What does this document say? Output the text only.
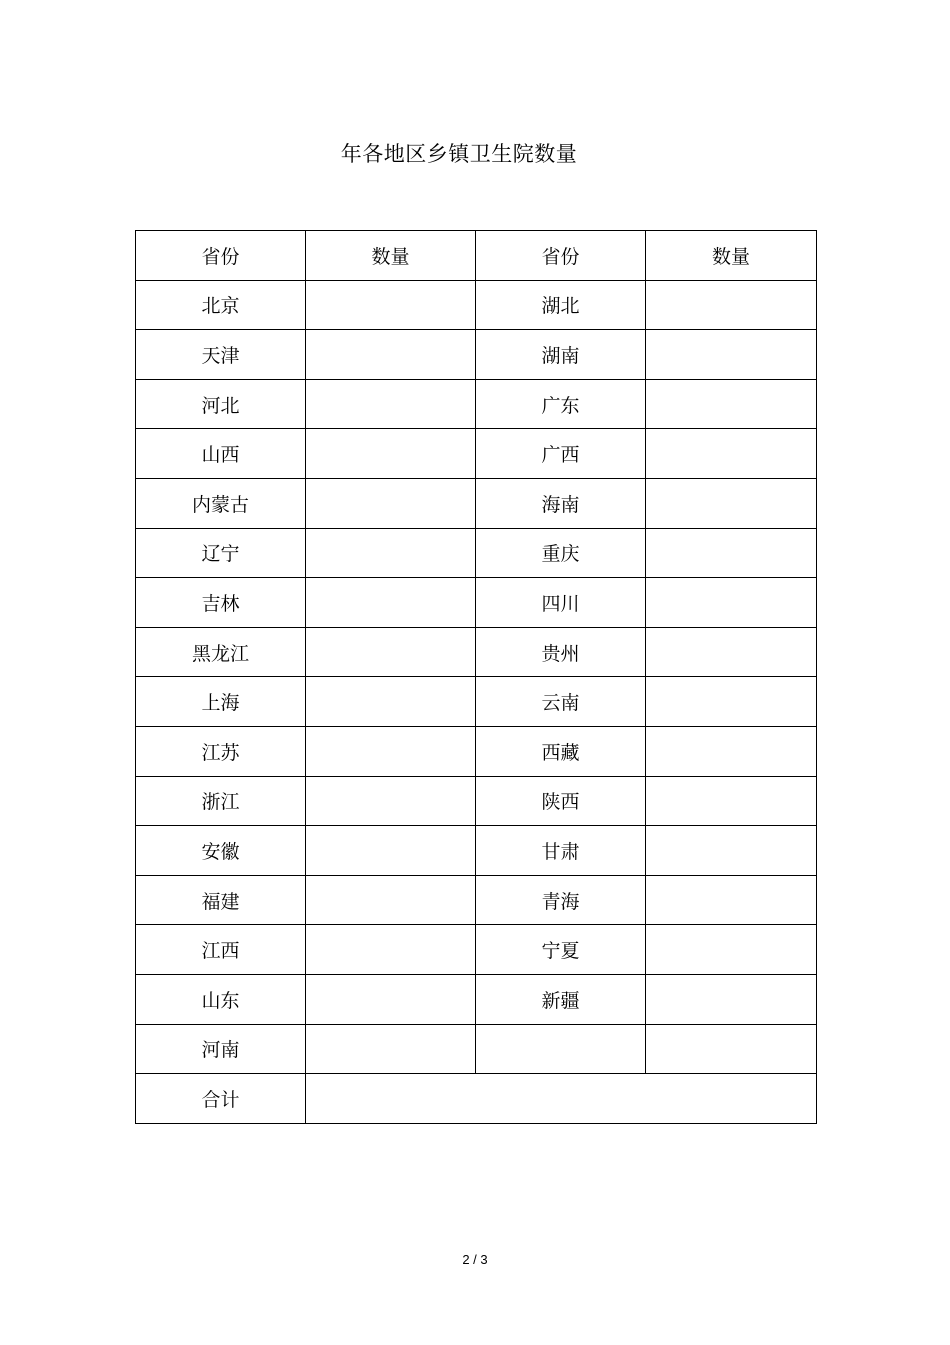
年各地区乡镇卫生院数量
省份	数量	省份	数量
北京		湖北	
天津		湖南	
河北		广东	
山西		广西	
内蒙古		海南	
辽宁		重庆	
吉林		四川	
黑龙江		贵州	
上海		云南	
江苏		西藏	
浙江		陕西	
安徽		甘肃	
福建		青海	
江西		宁夏	
山东		新疆	
河南			
合计			
2 / 3
